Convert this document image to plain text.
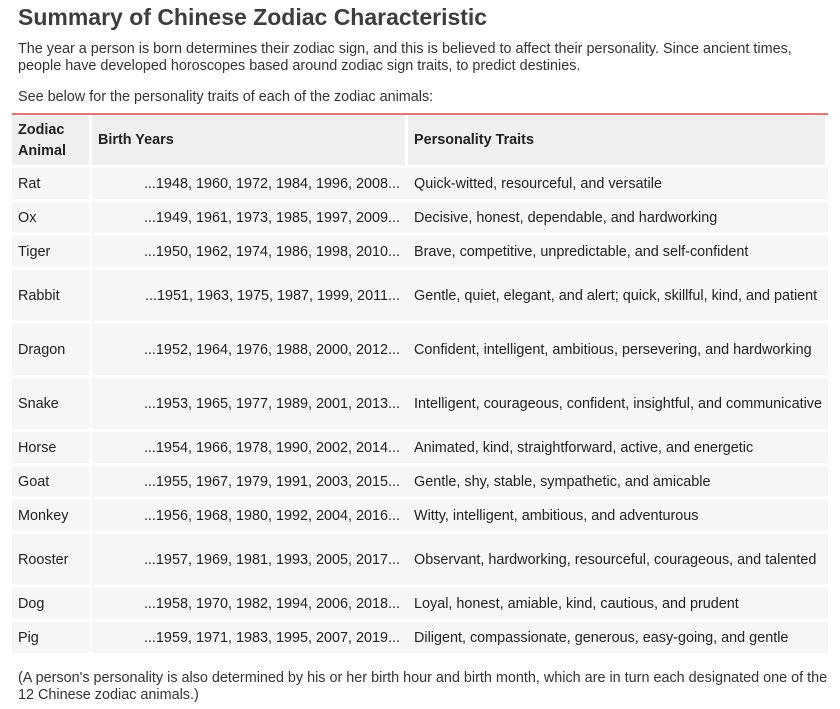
Summary of Chinese Zodiac Characteristic

The year a person is born determines their zodiac sign, and this is believed to affect their personality. Since ancient times, people have developed horoscopes based around zodiac sign traits, to predict destinies.

See below for the personality traits of each of the zodiac animals:

Zodiac Animal	Birth Years	Personality Traits
Rat	...1948, 1960, 1972, 1984, 1996, 2008...	Quick-witted, resourceful, and versatile
Ox	...1949, 1961, 1973, 1985, 1997, 2009...	Decisive, honest, dependable, and hardworking
Tiger	...1950, 1962, 1974, 1986, 1998, 2010...	Brave, competitive, unpredictable, and self-confident
Rabbit	...1951, 1963, 1975, 1987, 1999, 2011...	Gentle, quiet, elegant, and alert; quick, skillful, kind, and patient
Dragon	...1952, 1964, 1976, 1988, 2000, 2012...	Confident, intelligent, ambitious, persevering, and hardworking
Snake	...1953, 1965, 1977, 1989, 2001, 2013...	Intelligent, courageous, confident, insightful, and communicative
Horse	...1954, 1966, 1978, 1990, 2002, 2014...	Animated, kind, straightforward, active, and energetic
Goat	...1955, 1967, 1979, 1991, 2003, 2015...	Gentle, shy, stable, sympathetic, and amicable
Monkey	...1956, 1968, 1980, 1992, 2004, 2016...	Witty, intelligent, ambitious, and adventurous
Rooster	...1957, 1969, 1981, 1993, 2005, 2017...	Observant, hardworking, resourceful, courageous, and talented
Dog	...1958, 1970, 1982, 1994, 2006, 2018...	Loyal, honest, amiable, kind, cautious, and prudent
Pig	...1959, 1971, 1983, 1995, 2007, 2019...	Diligent, compassionate, generous, easy-going, and gentle

(A person's personality is also determined by his or her birth hour and birth month, which are in turn each designated one of the 12 Chinese zodiac animals.)
